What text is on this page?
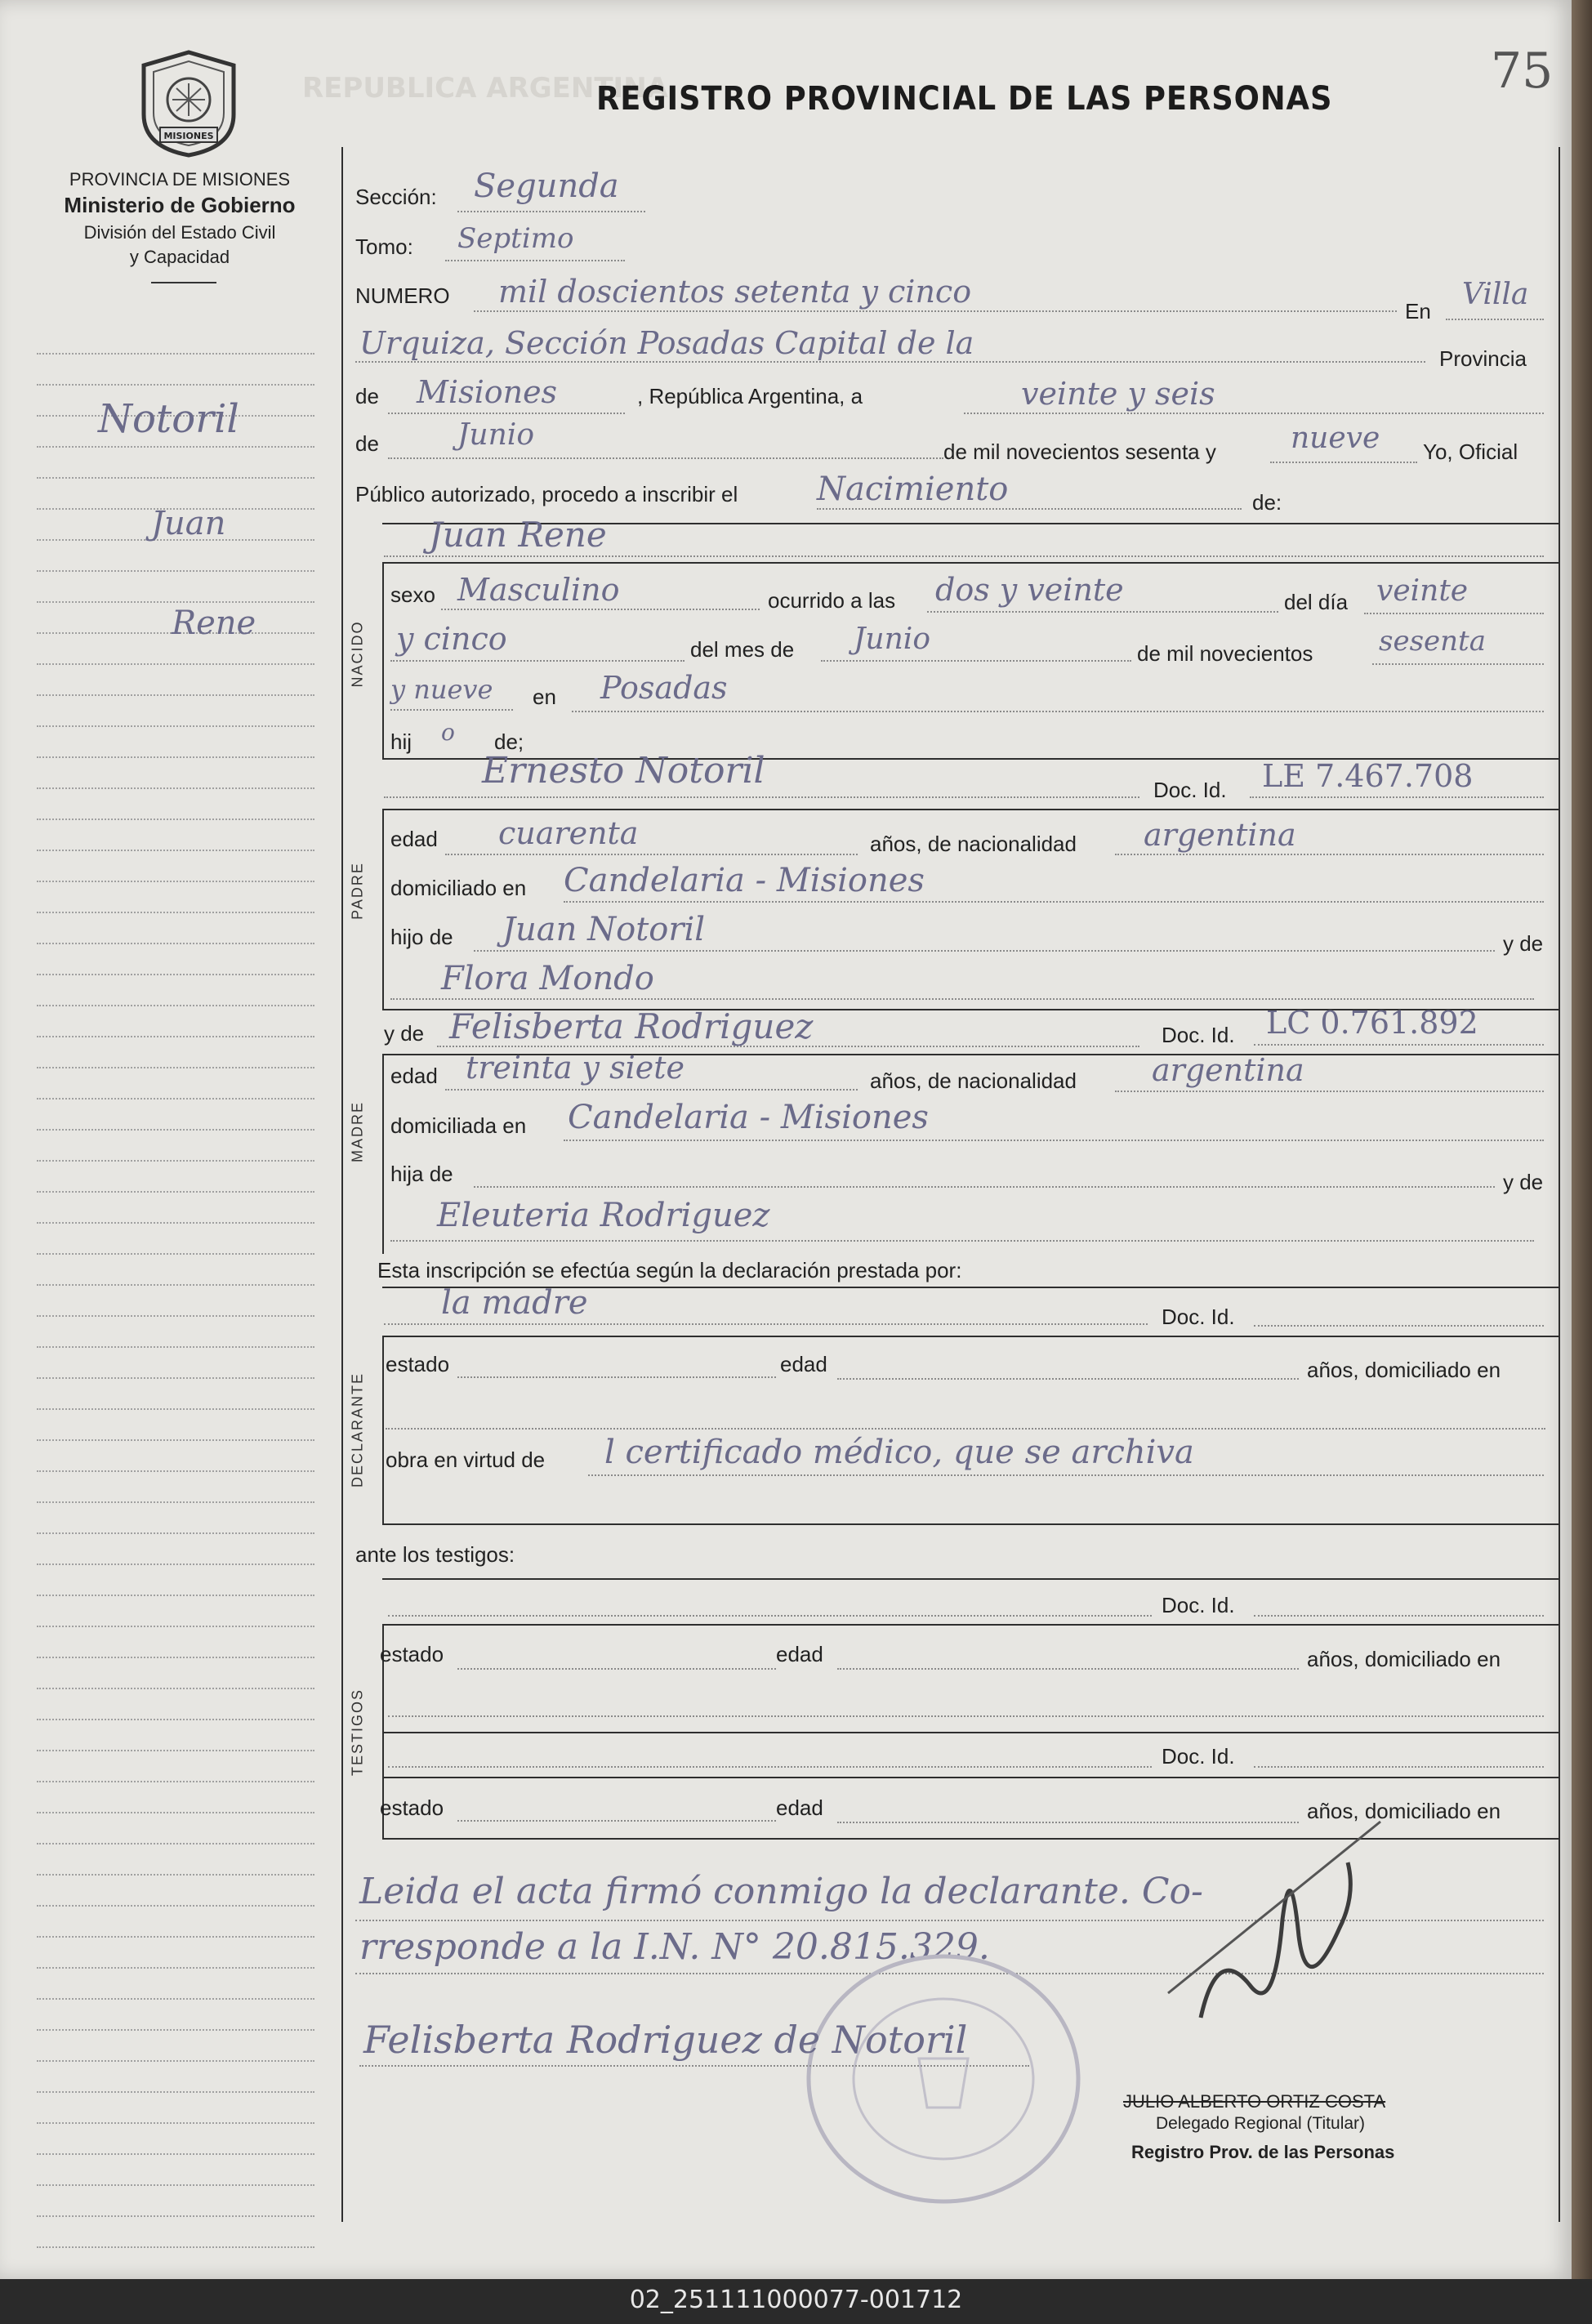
REPUBLICA ARGENTINA
REGISTRO PROVINCIAL DE LAS PERSONAS	75
MISIONES
PROVINCIA DE MISIONES
Ministerio de Gobierno
División del Estado Civil
y Capacidad
Notoril
Juan
Rene
Sección: Segunda
Tomo: Septimo
NUMERO mil doscientos setenta y cinco
En Villa
Urquiza, Sección Posadas Capital de la	Provincia
de Misiones	, República Argentina, a	veinte y seis
de	Junio	de mil novecientos sesenta y	nueve Yo, Oficial
Público autorizado, procedo a inscribir el Nacimiento	de:
Juan Rene
NACIDO
sexo Masculino	ocurrido a las dos y veinte	del día veinte
y cinco	del mes de Junio	de mil novecientos sesenta
y nueve en Posadas
hij o de;
Ernesto Notoril	Doc. Id. LE 7.467.708
PADRE
edad cuarenta	años, de nacionalidad argentina
domiciliado en Candelaria - Misiones
hijo de Juan Notoril	y de
Flora Mondo
y de Felisberta Rodriguez	Doc. Id. LC 0.761.892
MADRE
edad treinta y siete	años, de nacionalidad argentina
domiciliada en Candelaria - Misiones
hija de	y de
Eleuteria Rodriguez
Esta inscripción se efectúa según la declaración prestada por:
la madre	Doc. Id.
DECLARANTE
estado	edad	años, domiciliado en
obra en virtud de l certificado médico, que se archiva
ante los testigos:
Doc. Id.
TESTIGOS
estado	edad	años, domiciliado en
Doc. Id.
estado	edad	años, domiciliado en
Leida el acta firmó conmigo la declarante. Co-
rresponde a la I.N. N° 20.815.329.
Felisberta Rodriguez de Notoril
JULIO ALBERTO ORTIZ COSTA
Delegado Regional (Titular)
Registro Prov. de las Personas
02_251111000077-001712
